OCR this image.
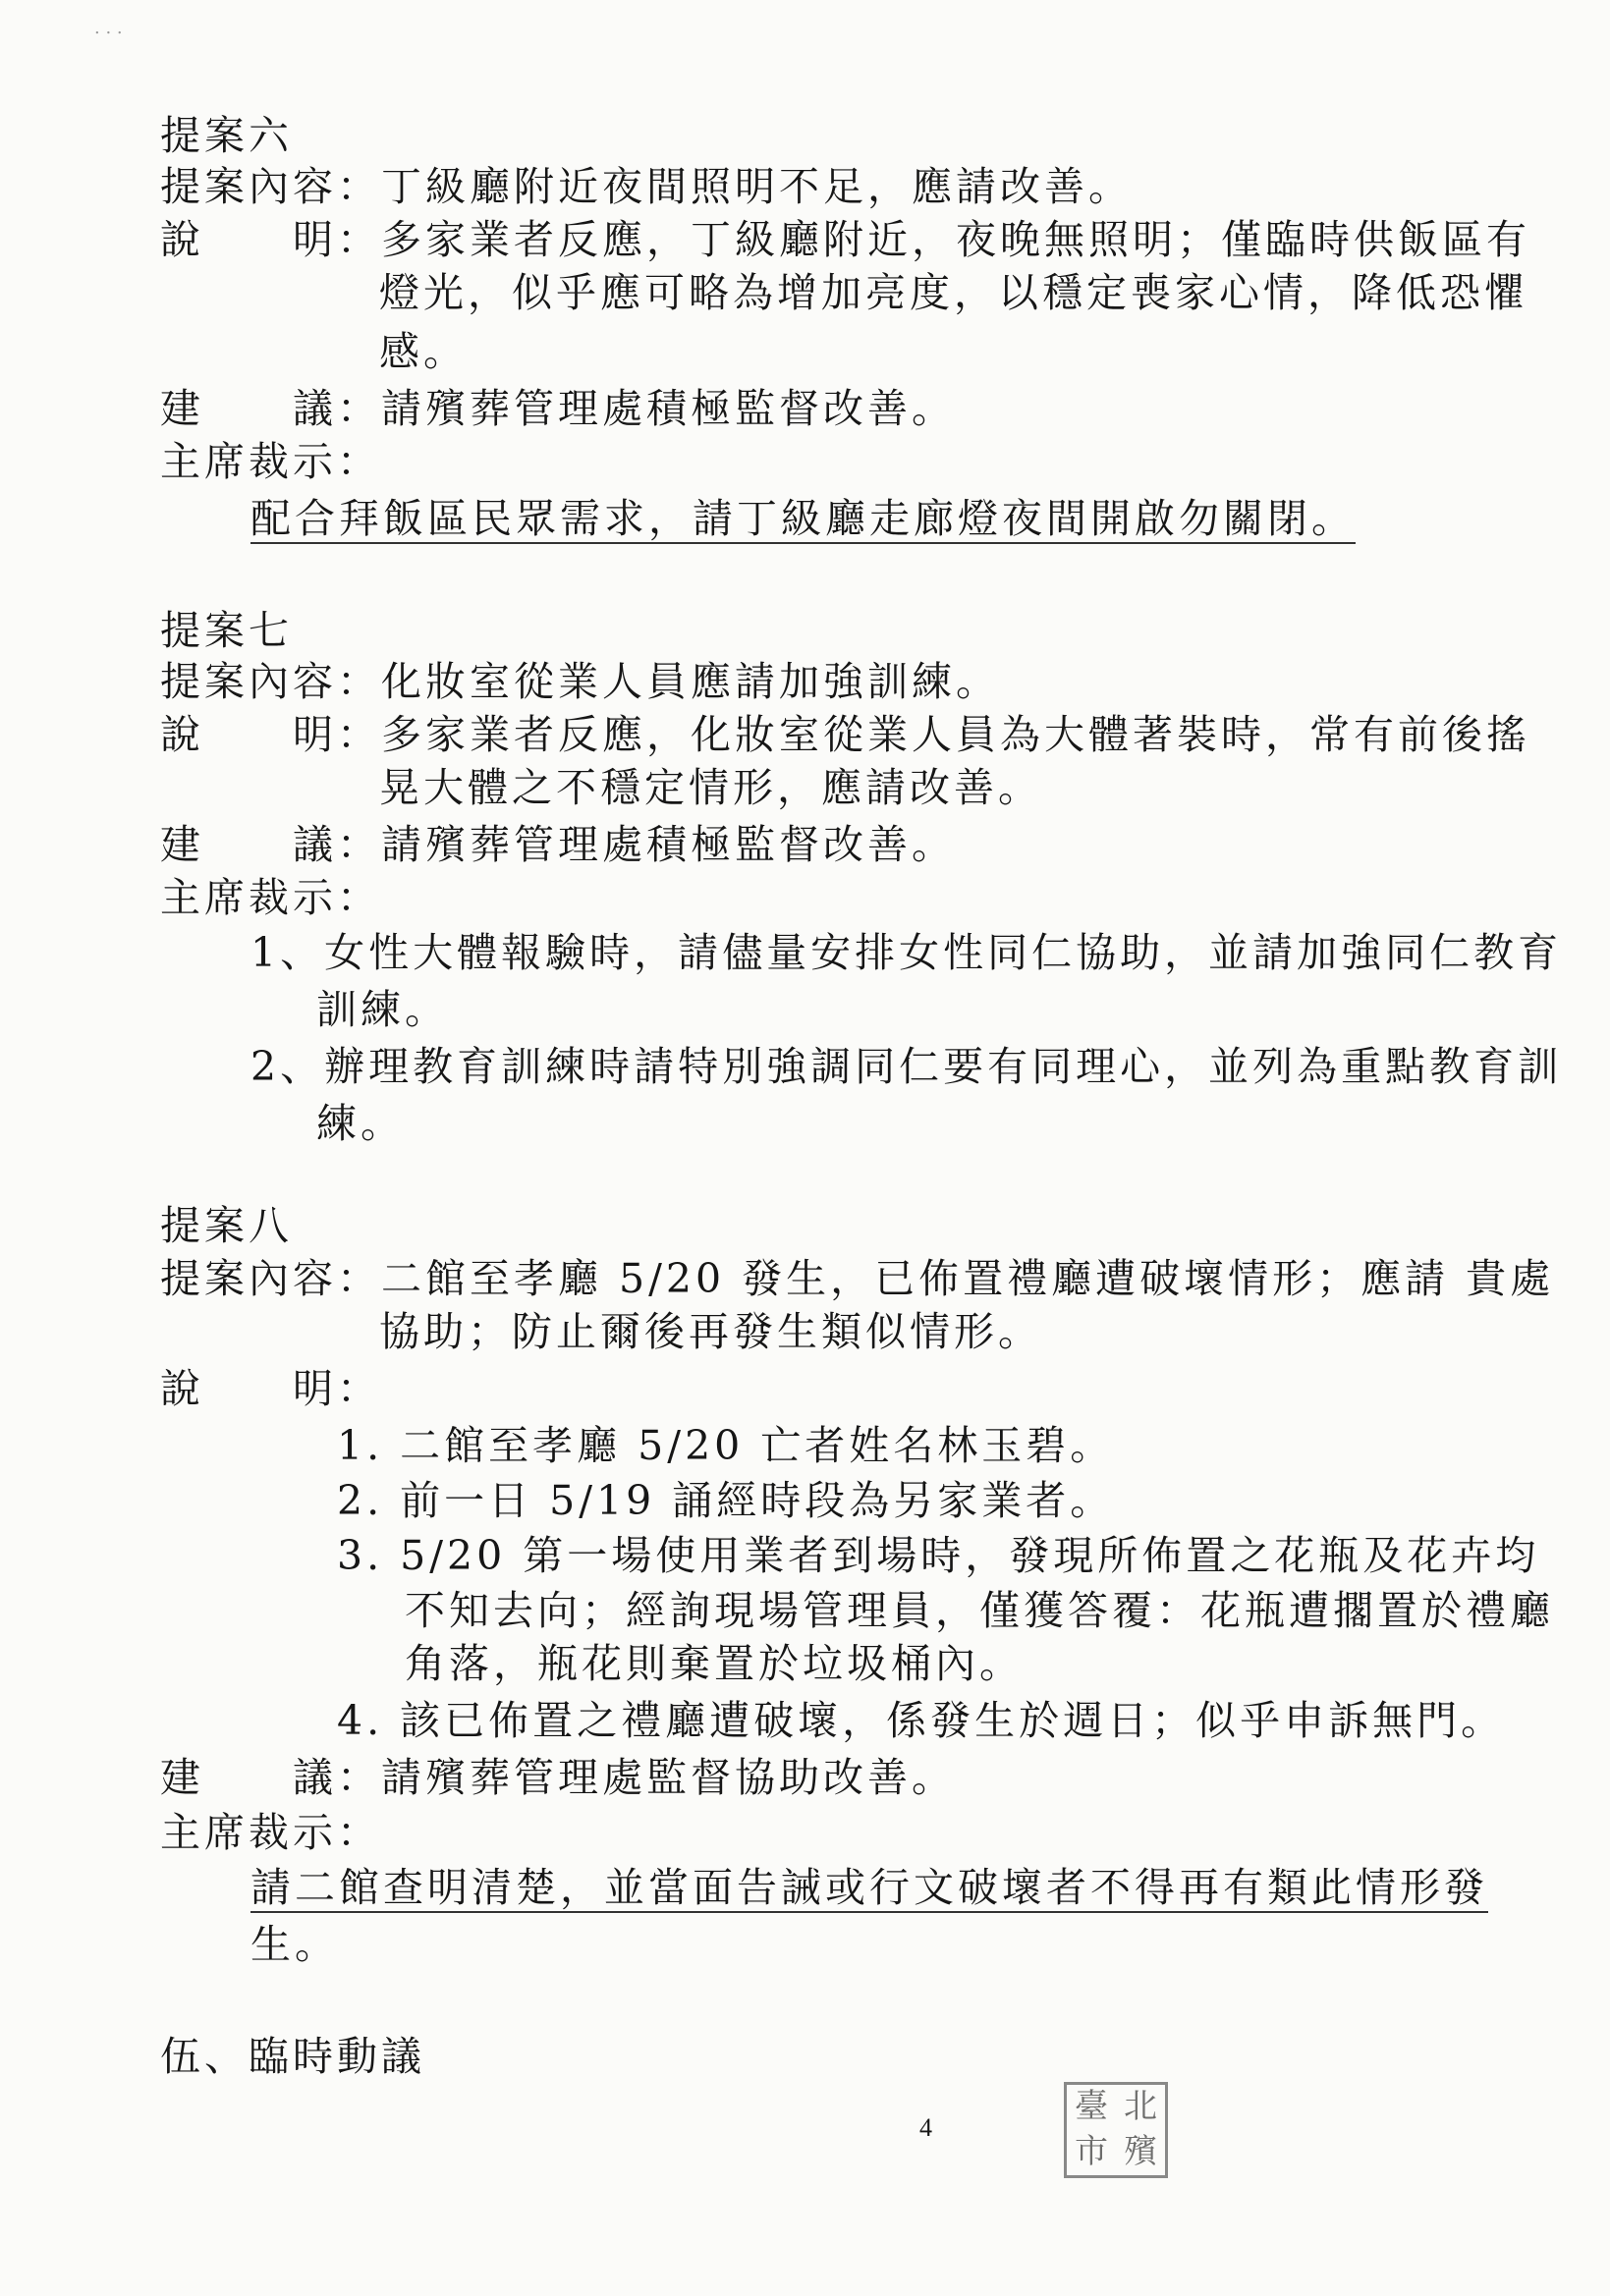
. . .
提案六
提案內容：丁級廳附近夜間照明不足，應請改善。
說　　明：多家業者反應，丁級廳附近，夜晚無照明；僅臨時供飯區有
燈光，似乎應可略為增加亮度，以穩定喪家心情，降低恐懼
感。
建　　議：請殯葬管理處積極監督改善。
主席裁示：
配合拜飯區民眾需求，請丁級廳走廊燈夜間開啟勿關閉。
提案七
提案內容：化妝室從業人員應請加強訓練。
說　　明：多家業者反應，化妝室從業人員為大體著裝時，常有前後搖
晃大體之不穩定情形，應請改善。
建　　議：請殯葬管理處積極監督改善。
主席裁示：
1、女性大體報驗時，請儘量安排女性同仁協助，並請加強同仁教育
訓練。
2、辦理教育訓練時請特別強調同仁要有同理心，並列為重點教育訓
練。
提案八
提案內容：二館至孝廳 5/20 發生，已佈置禮廳遭破壞情形；應請 貴處
協助；防止爾後再發生類似情形。
說　　明：
1. 二館至孝廳 5/20 亡者姓名林玉碧。
2. 前一日 5/19 誦經時段為另家業者。
3. 5/20 第一場使用業者到場時，發現所佈置之花瓶及花卉均
不知去向；經詢現場管理員，僅獲答覆：花瓶遭擱置於禮廳
角落，瓶花則棄置於垃圾桶內。
4. 該已佈置之禮廳遭破壞，係發生於週日；似乎申訴無門。
建　　議：請殯葬管理處監督協助改善。
主席裁示：
請二館查明清楚，並當面告誡或行文破壞者不得再有類此情形發
生。
伍、臨時動議
4
臺 北
市 殯
